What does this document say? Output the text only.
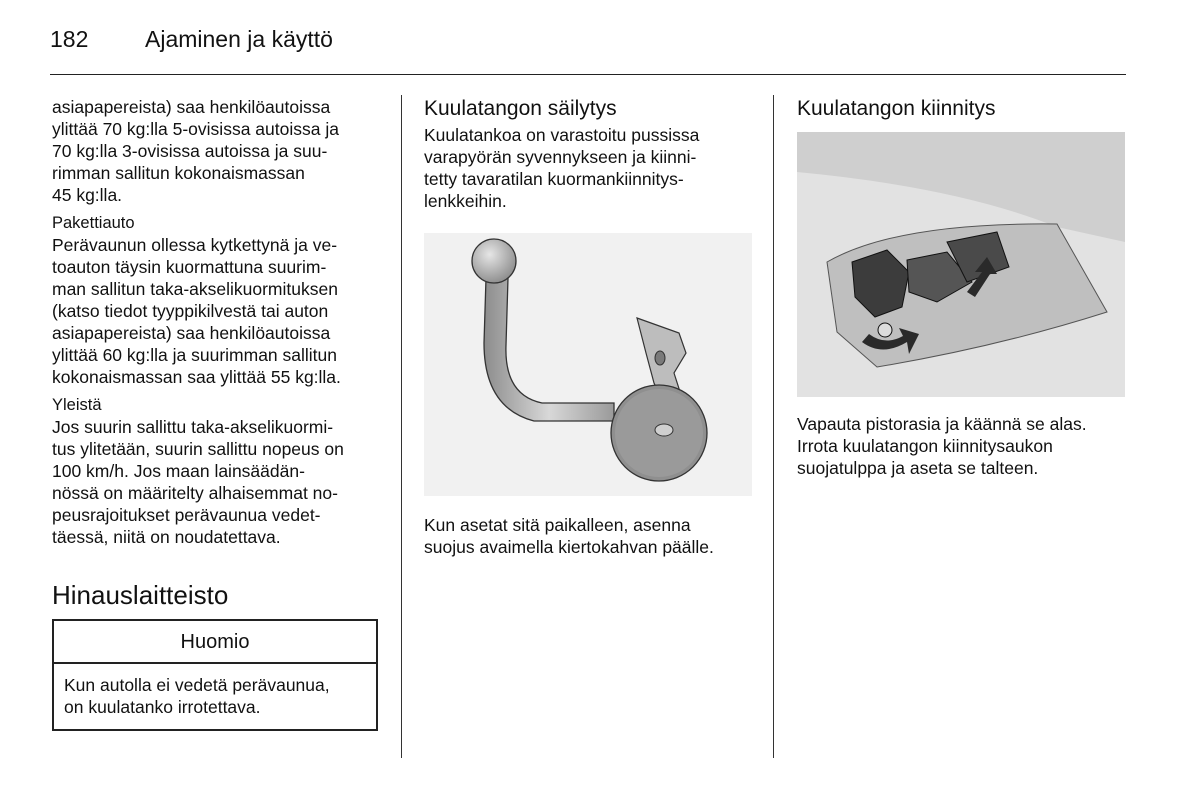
182 Ajaminen ja käyttö

asiapapereista) saa henkilöautoissa
ylittää 70 kg:lla 5-ovisissa autoissa ja
70 kg:lla 3-ovisissa autoissa ja suu-
rimman sallitun kokonaismassan
45 kg:lla.

Pakettiauto

Perävaunun ollessa kytkettynä ja ve-
toauton täysin kuormattuna suurim-
man sallitun taka-akselikuormituksen
(katso tiedot tyyppikilvestä tai auton
asiapapereista) saa henkilöautoissa
ylittää 60 kg:lla ja suurimman sallitun
kokonaismassan saa ylittää 55 kg:lla.

Yleistä

Jos suurin sallittu taka-akselikuormi-
tus ylitetään, suurin sallittu nopeus on
100 km/h. Jos maan lainsäädän-
nössä on määritelty alhaisemmat no-
peusrajoitukset perävaunua vedet-
täessä, niitä on noudatettava.

Hinauslaitteisto
Huomio
Kun autolla ei vedetä perävaunua,
on kuulatanko irrotettava.
Kuulatangon säilytys

Kuulatankoa on varastoitu pussissa
varapyörän syvennykseen ja kiinni-
tetty tavaratilan kuormankiinnitys-
lenkkeihin.

Kun asetat sitä paikalleen, asenna
suojus avaimella kiertokahvan päälle.

Kuulatangon kiinnitys

Vapauta pistorasia ja käännä se alas.
Irrota kuulatangon kiinnitysaukon
suojatulppa ja aseta se talteen.
